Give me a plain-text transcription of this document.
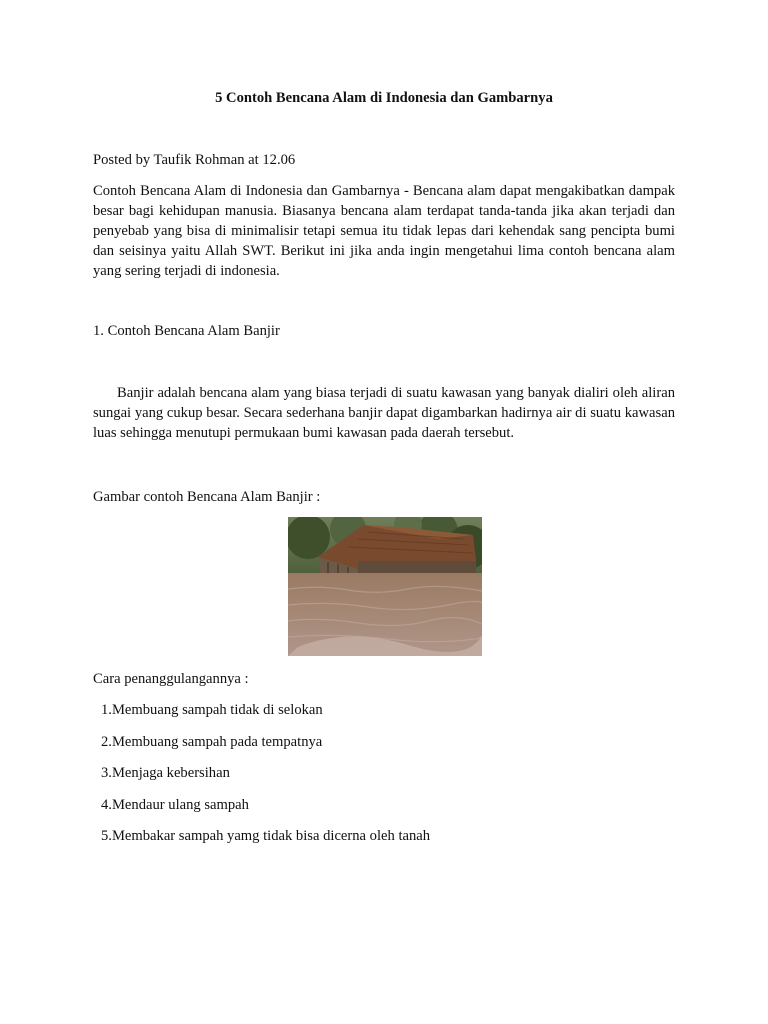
5 Contoh Bencana Alam di Indonesia dan Gambarnya
Posted by Taufik Rohman at 12.06

Contoh Bencana Alam di Indonesia dan Gambarnya - Bencana alam dapat mengakibatkan dampak besar bagi kehidupan manusia. Biasanya bencana alam terdapat tanda-tanda jika akan terjadi dan penyebab yang bisa di minimalisir tetapi semua itu tidak lepas dari kehendak sang pencipta bumi dan seisinya yaitu Allah SWT. Berikut ini jika anda ingin mengetahui lima contoh bencana alam yang sering terjadi di indonesia.

1. Contoh Bencana Alam Banjir

Banjir adalah bencana alam yang biasa terjadi di suatu kawasan yang banyak dialiri oleh aliran sungai yang cukup besar. Secara sederhana banjir dapat digambarkan hadirnya air di suatu kawasan luas sehingga menutupi permukaan bumi kawasan pada daerah tersebut.

Gambar contoh Bencana Alam Banjir :
Cara penanggulangannya :
1.Membuang sampah tidak di selokan
2.Membuang sampah pada tempatnya
3.Menjaga kebersihan
4.Mendaur ulang sampah
5.Membakar sampah yamg tidak bisa dicerna oleh tanah
